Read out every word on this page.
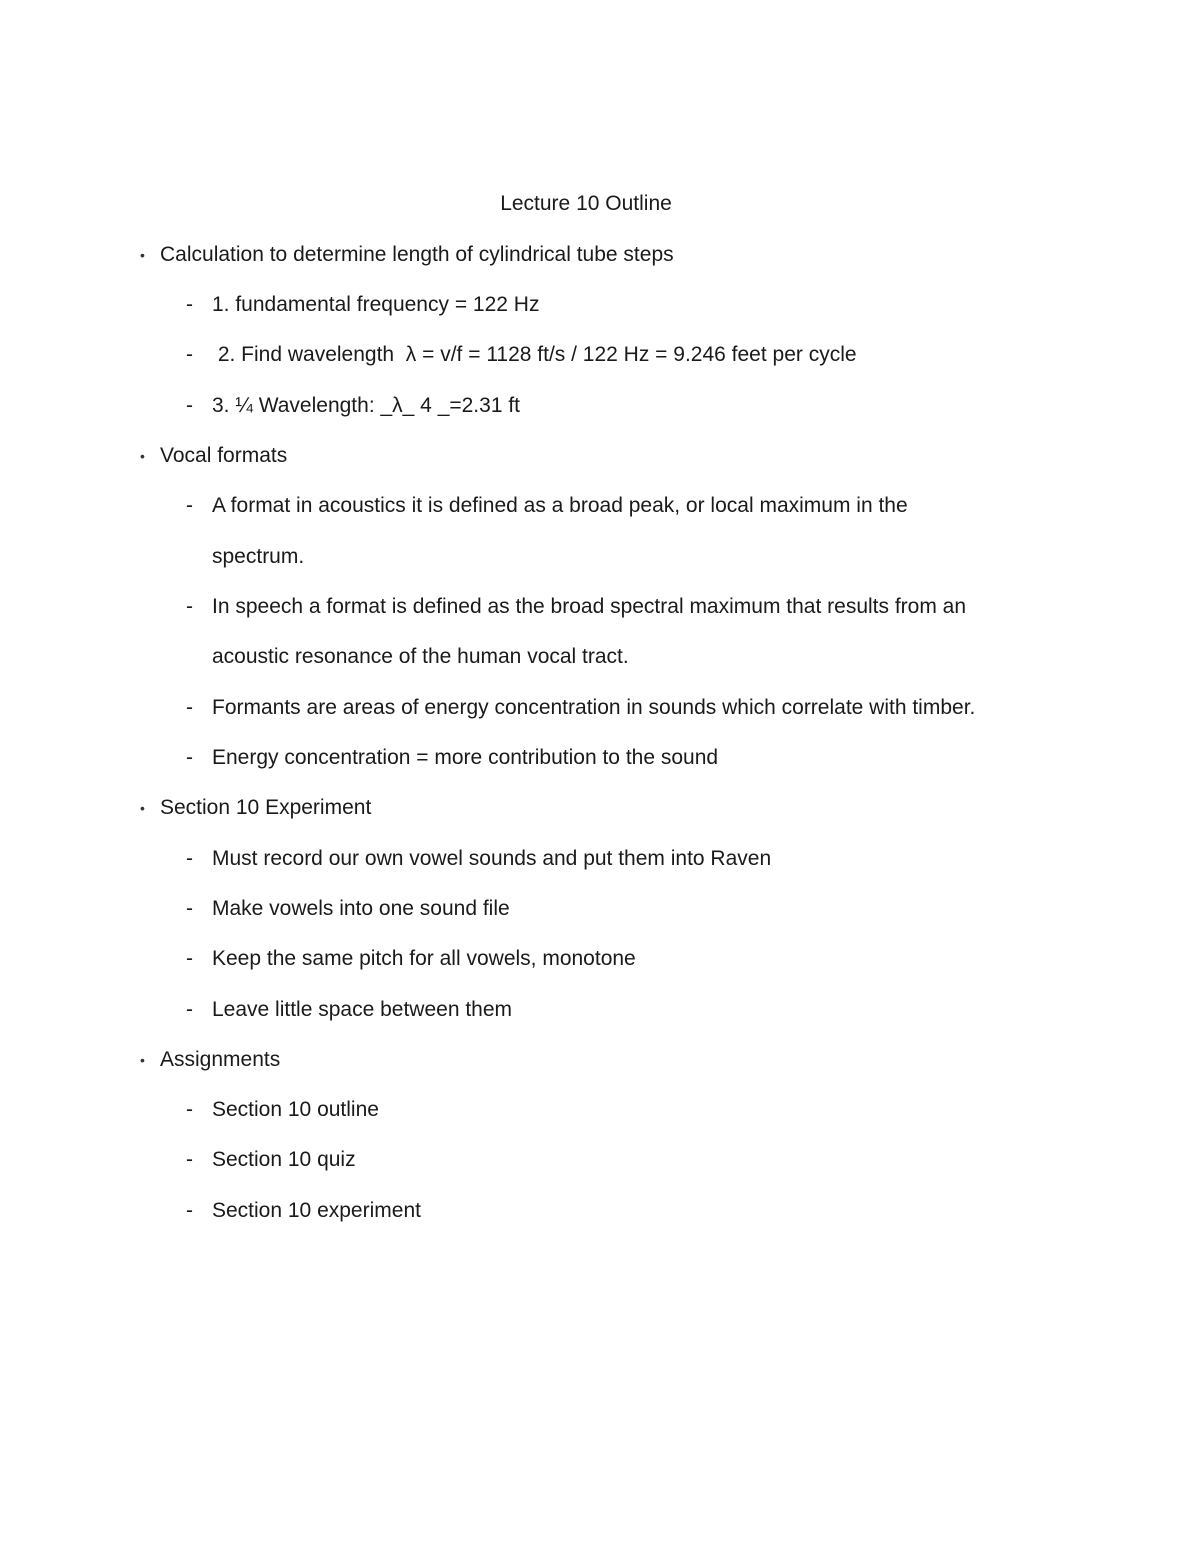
Lecture 10 Outline
• Calculation to determine length of cylindrical tube steps
- 1. fundamental frequency = 122 Hz
- 2. Find wavelength  λ = v/f = 1128 ft/s / 122 Hz = 9.246 feet per cycle
- 3. ¼ Wavelength: _λ_ 4 _=2.31 ft
• Vocal formats
- A format in acoustics it is defined as a broad peak, or local maximum in the
spectrum.
- In speech a format is defined as the broad spectral maximum that results from an
acoustic resonance of the human vocal tract.
- Formants are areas of energy concentration in sounds which correlate with timber.
- Energy concentration = more contribution to the sound
• Section 10 Experiment
- Must record our own vowel sounds and put them into Raven
- Make vowels into one sound file
- Keep the same pitch for all vowels, monotone
- Leave little space between them
• Assignments
- Section 10 outline
- Section 10 quiz
- Section 10 experiment
